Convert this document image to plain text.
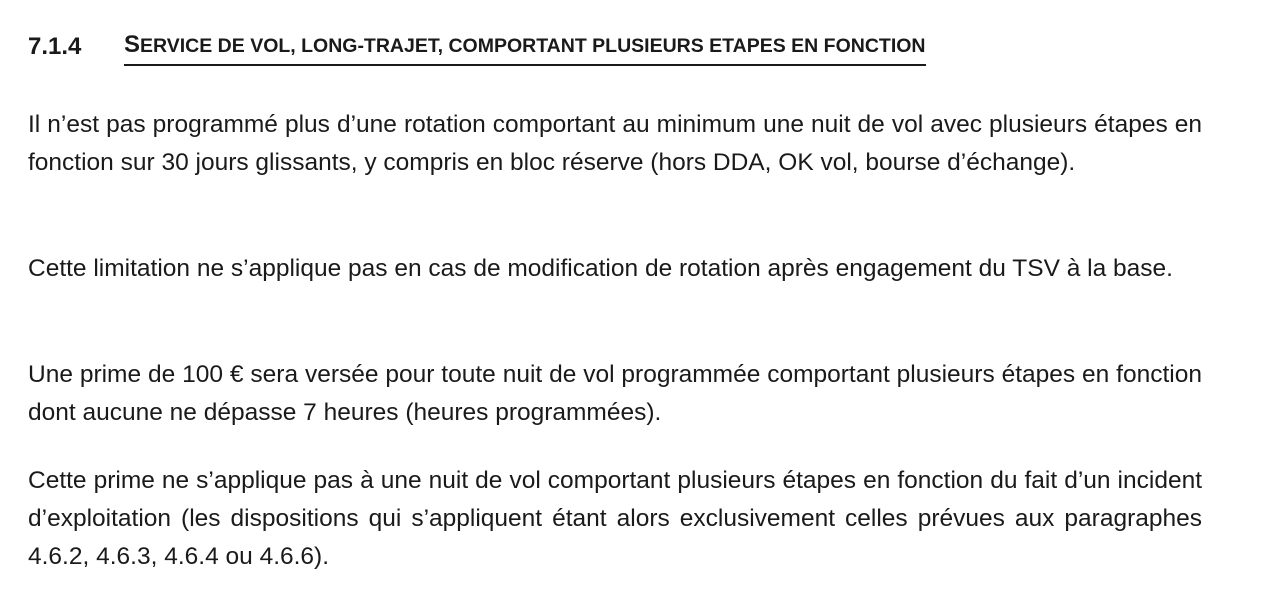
7.1.4 SERVICE DE VOL, LONG-TRAJET, COMPORTANT PLUSIEURS ETAPES EN FONCTION

Il n’est pas programmé plus d’une rotation comportant au minimum une nuit de vol avec plusieurs étapes en fonction sur 30 jours glissants, y compris en bloc réserve (hors DDA, OK vol, bourse d’échange).

Cette limitation ne s’applique pas en cas de modification de rotation après engagement du TSV à la base.

Une prime de 100 € sera versée pour toute nuit de vol programmée comportant plusieurs étapes en fonction dont aucune ne dépasse 7 heures (heures programmées).

Cette prime ne s’applique pas à une nuit de vol comportant plusieurs étapes en fonction du fait d’un incident d’exploitation (les dispositions qui s’appliquent étant alors exclusivement celles prévues aux paragraphes 4.6.2, 4.6.3, 4.6.4 ou 4.6.6).
